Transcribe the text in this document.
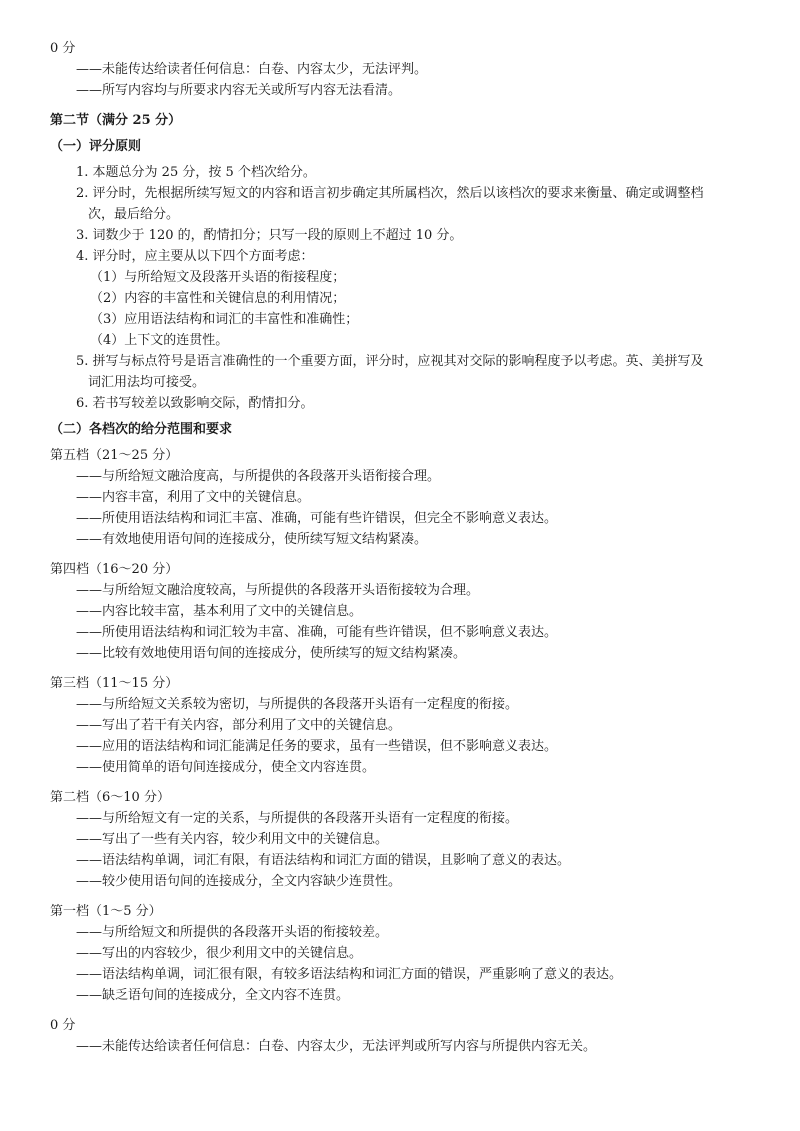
0 分
——未能传达给读者任何信息：白卷、内容太少，无法评判。
——所写内容均与所要求内容无关或所写内容无法看清。
第二节（满分 25 分）
（一）评分原则
1. 本题总分为 25 分，按 5 个档次给分。
2. 评分时，先根据所续写短文的内容和语言初步确定其所属档次，然后以该档次的要求来衡量、确定或调整档
次，最后给分。
3. 词数少于 120 的，酌情扣分；只写一段的原则上不超过 10 分。
4. 评分时，应主要从以下四个方面考虑：
（1）与所给短文及段落开头语的衔接程度；
（2）内容的丰富性和关键信息的利用情况；
（3）应用语法结构和词汇的丰富性和准确性；
（4）上下文的连贯性。
5. 拼写与标点符号是语言准确性的一个重要方面，评分时，应视其对交际的影响程度予以考虑。英、美拼写及
词汇用法均可接受。
6. 若书写较差以致影响交际，酌情扣分。
（二）各档次的给分范围和要求
第五档（21～25 分）
——与所给短文融洽度高，与所提供的各段落开头语衔接合理。
——内容丰富，利用了文中的关键信息。
——所使用语法结构和词汇丰富、准确，可能有些许错误，但完全不影响意义表达。
——有效地使用语句间的连接成分，使所续写短文结构紧凑。
第四档（16～20 分）
——与所给短文融洽度较高，与所提供的各段落开头语衔接较为合理。
——内容比较丰富，基本利用了文中的关键信息。
——所使用语法结构和词汇较为丰富、准确，可能有些许错误，但不影响意义表达。
——比较有效地使用语句间的连接成分，使所续写的短文结构紧凑。
第三档（11～15 分）
——与所给短文关系较为密切，与所提供的各段落开头语有一定程度的衔接。
——写出了若干有关内容，部分利用了文中的关键信息。
——应用的语法结构和词汇能满足任务的要求，虽有一些错误，但不影响意义表达。
——使用简单的语句间连接成分，使全文内容连贯。
第二档（6～10 分）
——与所给短文有一定的关系，与所提供的各段落开头语有一定程度的衔接。
——写出了一些有关内容，较少利用文中的关键信息。
——语法结构单调，词汇有限，有语法结构和词汇方面的错误，且影响了意义的表达。
——较少使用语句间的连接成分，全文内容缺少连贯性。
第一档（1～5 分）
——与所给短文和所提供的各段落开头语的衔接较差。
——写出的内容较少，很少利用文中的关键信息。
——语法结构单调，词汇很有限，有较多语法结构和词汇方面的错误，严重影响了意义的表达。
——缺乏语句间的连接成分，全文内容不连贯。
0 分
——未能传达给读者任何信息：白卷、内容太少，无法评判或所写内容与所提供内容无关。
